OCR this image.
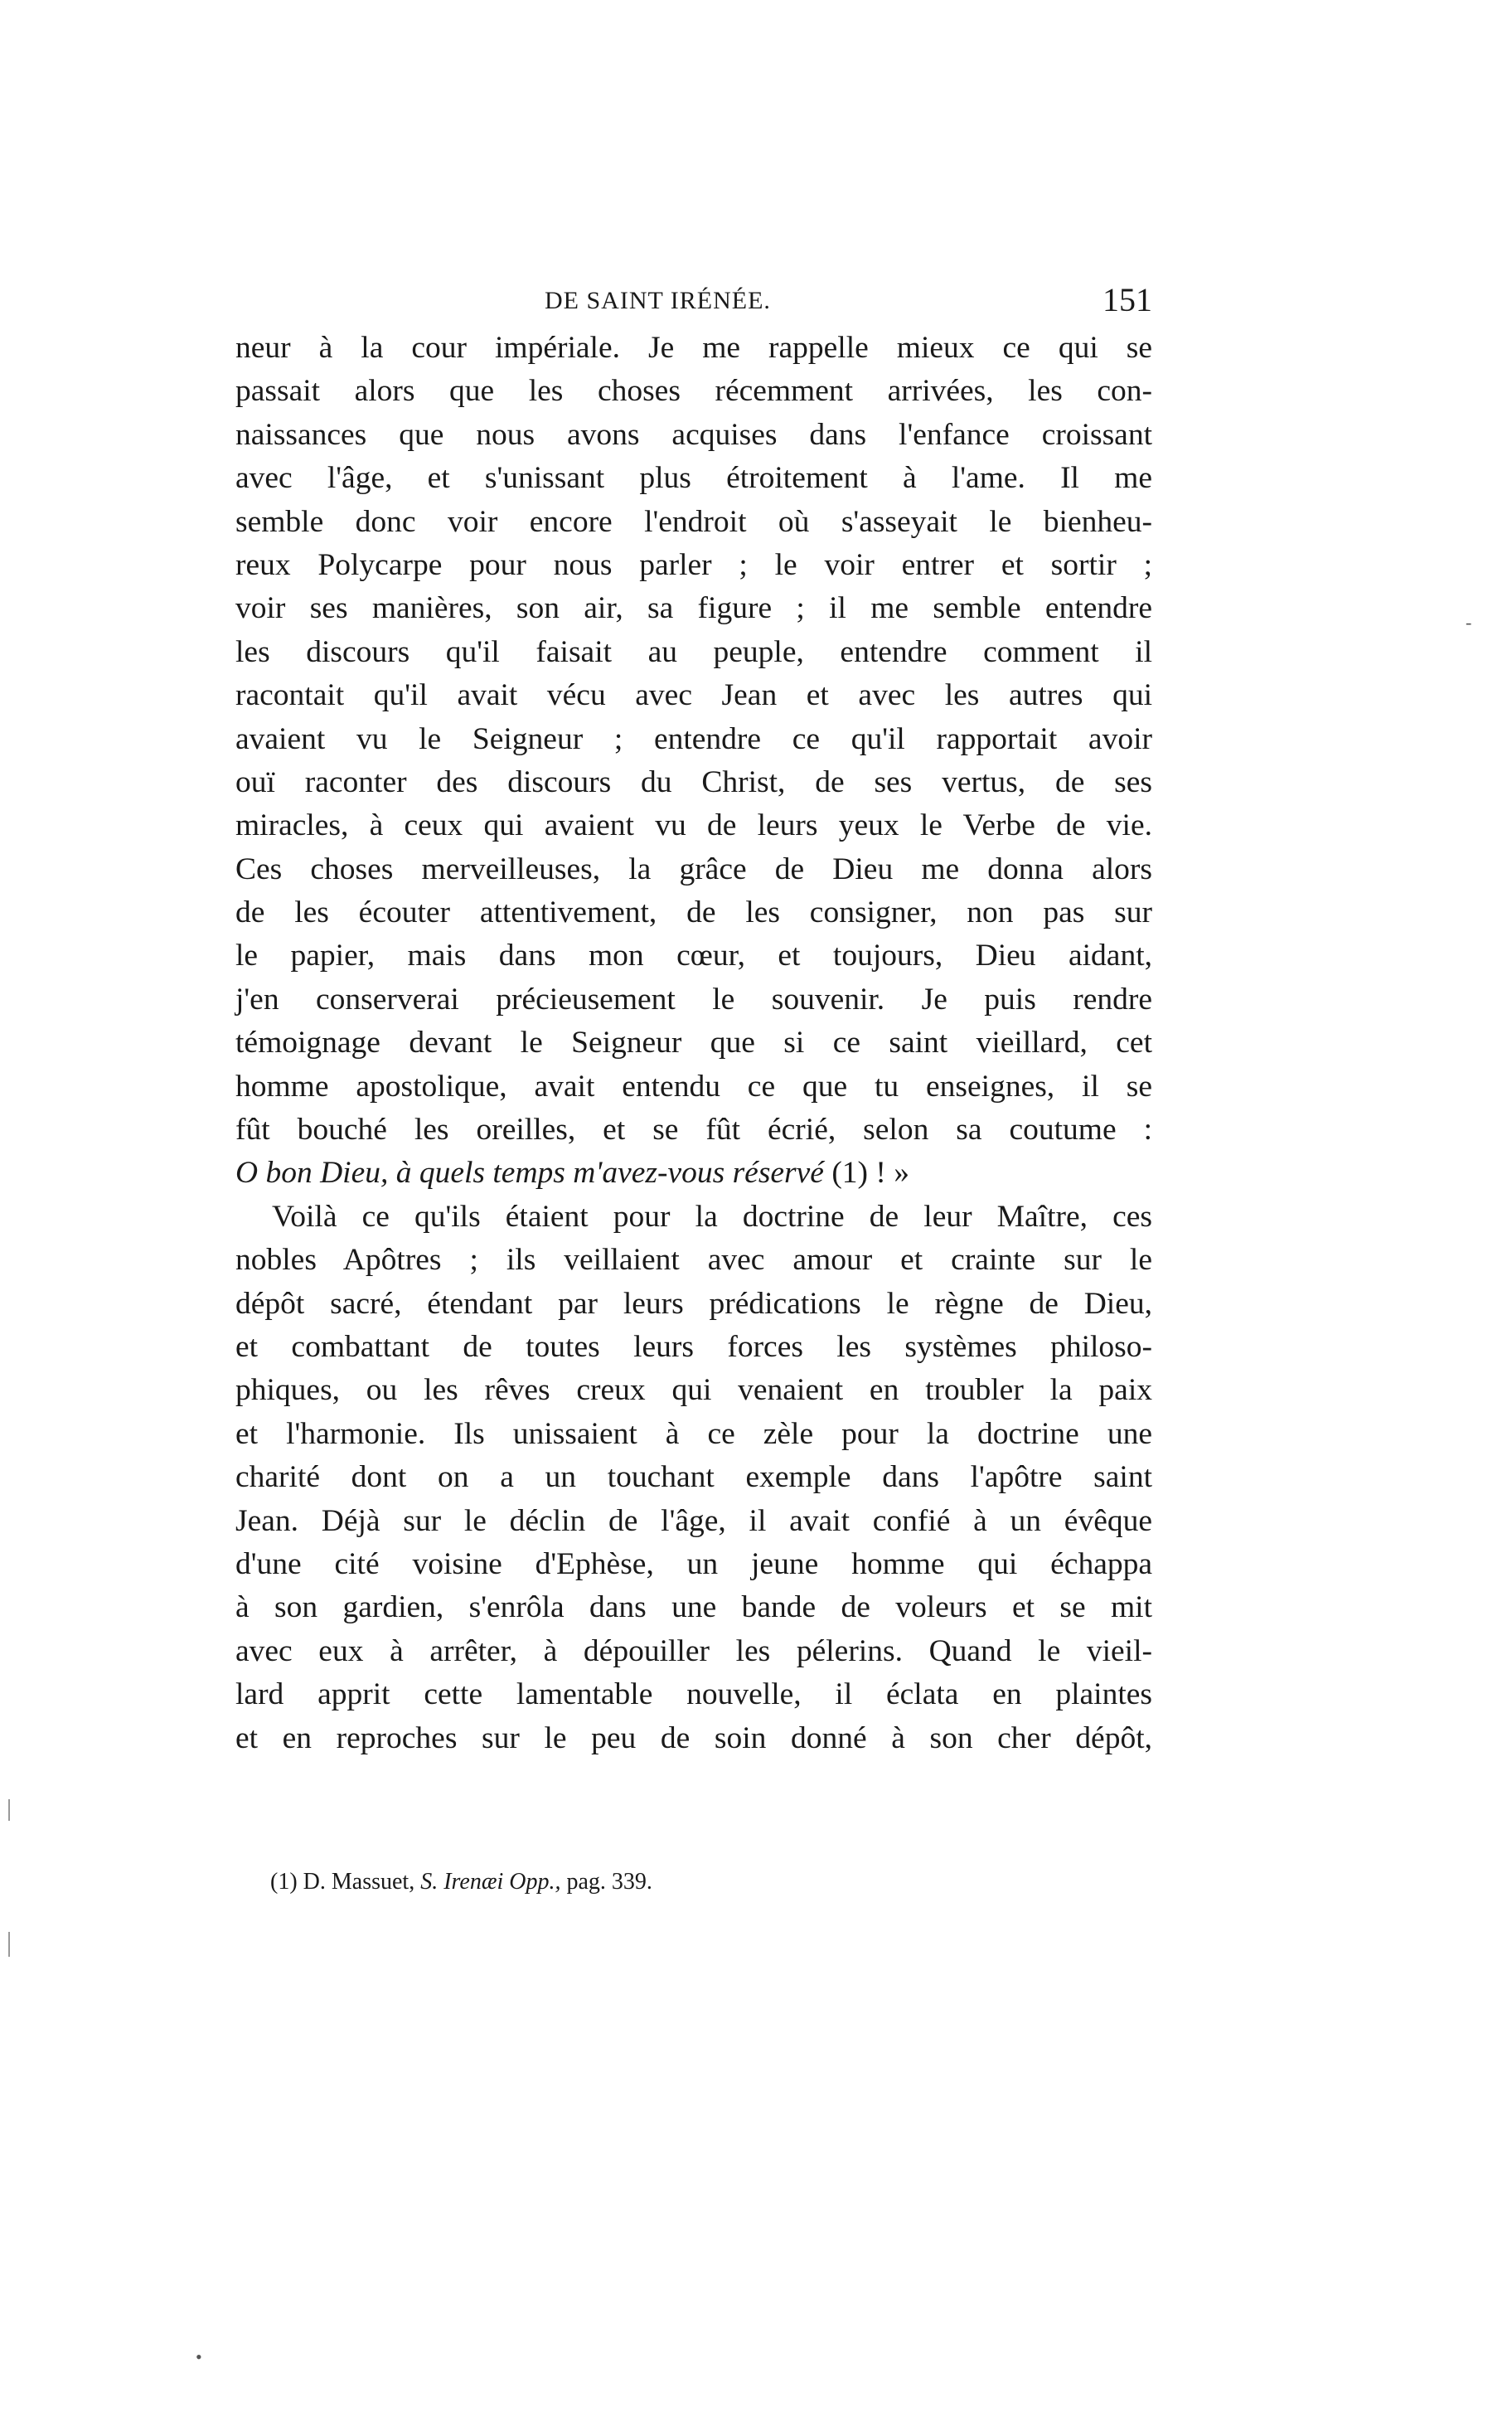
DE SAINT IRÉNÉE.	151
neur à la cour impériale. Je me rappelle mieux ce qui se
passait alors que les choses récemment arrivées, les con-
naissances que nous avons acquises dans l'enfance croissant
avec l'âge, et s'unissant plus étroitement à l'ame. Il me
semble donc voir encore l'endroit où s'asseyait le bienheu-
reux Polycarpe pour nous parler ; le voir entrer et sortir ;
voir ses manières, son air, sa figure ; il me semble entendre
les discours qu'il faisait au peuple, entendre comment il
racontait qu'il avait vécu avec Jean et avec les autres qui
avaient vu le Seigneur ; entendre ce qu'il rapportait avoir
ouï raconter des discours du Christ, de ses vertus, de ses
miracles, à ceux qui avaient vu de leurs yeux le Verbe de vie.
Ces choses merveilleuses, la grâce de Dieu me donna alors
de les écouter attentivement, de les consigner, non pas sur
le papier, mais dans mon cœur, et toujours, Dieu aidant,
j'en conserverai précieusement le souvenir. Je puis rendre
témoignage devant le Seigneur que si ce saint vieillard, cet
homme apostolique, avait entendu ce que tu enseignes, il se
fût bouché les oreilles, et se fût écrié, selon sa coutume :
O bon Dieu, à quels temps m'avez-vous réservé (1) ! »
Voilà ce qu'ils étaient pour la doctrine de leur Maître, ces
nobles Apôtres ; ils veillaient avec amour et crainte sur le
dépôt sacré, étendant par leurs prédications le règne de Dieu,
et combattant de toutes leurs forces les systèmes philoso-
phiques, ou les rêves creux qui venaient en troubler la paix
et l'harmonie. Ils unissaient à ce zèle pour la doctrine une
charité dont on a un touchant exemple dans l'apôtre saint
Jean. Déjà sur le déclin de l'âge, il avait confié à un évêque
d'une cité voisine d'Ephèse, un jeune homme qui échappa
à son gardien, s'enrôla dans une bande de voleurs et se mit
avec eux à arrêter, à dépouiller les pélerins. Quand le vieil-
lard apprit cette lamentable nouvelle, il éclata en plaintes
et en reproches sur le peu de soin donné à son cher dépôt,
(1) D. Massuet, S. Irenæi Opp., pag. 339.
-
•
